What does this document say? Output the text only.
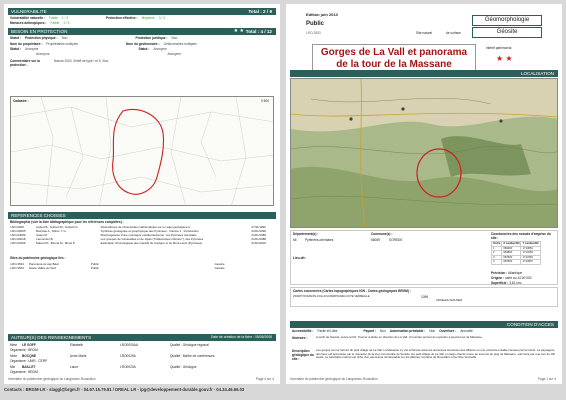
VULNERABILITE	Total : 2 / 9
Vulnérabilité naturelle : Faible 1 / 3	Protection effective : Moyenne 0 / 3
Menaces anthropiques : Faible 1 / 3
BESOIN EN PROTECTION	★ ★ Total : 4 / 12
Statut : Protection physique : Non	Protection juridique : Non
Nom du propriétaire : Propriétaires multiples	Nom du gestionnaire : Gestionnaires multiples
Statut : Anonyme	Statut : Anonyme
Anonyme	Anonyme
Commentaire sur la protection :
Natura 2000, Znieff de type I et II, Zico.
Cadastre :	0 500
REFERENCES CHOISIES
Bibliographie (voir la liste bibliographique pour les références complètes) :
LRO-0006	Aubert B., Guitard M., Guitard G.	Dissertations de l'Assemblée mathématique sur un sujet géologique à	07/11/1996
LRO-00005	Barrolas A., Ollner J. G.	Synthèse géologique et géophysique des Pyrénées - Volume 1 : Introduction	01/01/1996
LRO-04056	Casei M.	Morphogénèse d'une montagne méditerranéenne : les Pyrénées orientales	01/01/1986
LRO-00018	Laumonier B.	Les groupes de Canaveilles et de Jujols ("Paléozoïque inférieur"), des Pyrénées	01/01/1988
LRO-00466	Masoril D., Brunel M., Morel P.	Estimation chronologique des massifs du Canigou et de Mont-Louis (Pyrénées)	01/01/2002
Sites du patrimoine géologique liés :
LRO-3534	Panorama du cap Béar	Public	Géosite
LRO-3503	Haute Vallée du Tech	Public	Géosite
AUTEUR(S) DES RENSEIGNEMENTS	Date de création de la fiche : 05/05/2008
Mme LE GOFF	Elisabeth	LRO0000AA	Qualité : Géologue régional
Organisme : BRGM
Mme BOCQNE	Anne-Marie	LRO0029A	Qualité : Maître de conférences
Organisme : UMR - CERP
Mle BAILLET	Laure	LRO0020A	Qualité : Géologue
Organisme : BRGM
Inventaire du patrimoine géologique du Languedoc-Roussillon	Page 4 sur 4
Edition juin 2013
Public
LRO-3553	Site naturel	de surface
Géomorphologie
Géosite
Gorges de La Vall et panorama de la tour de la Massane
intérêt patrimonial
★ ★
LOCALISATION
Département(s) :
66	Pyrénées-orientales
Commune(s) :
66069	SOREDE
Lieu-dit :
Coordonnées des noeuds d'emprise du site :
Ordre	X Lambert93	Y Lambert93
1	684000	1713861
2	684800	1713453
3	687600	1713453
4	687600	1714867
Précision : Atlantique
Origine : carte au 1/100 000
Superficie : 3,81 km²
Cartes concernées (Cartes topographiques IGN - Cartes géologiques BRGM) :
2549OT ROMAN/S-COLLIOU-PERPIGNAN-COTE VERMEILLE	1096
ARGELES-SUR-MER
CONDITION D'ACCES
Accessibilité : Facile et Libre	Payant : Non Autorisation préalable : Non Ouverture : Annuelle
Itinéraire :	A partir de Sorède, suivre la D2. Tourner à droite en direction de La Vall. Un sentier permet de rejoindre à pied la tour de Massane.
Description géologique du site :
Les gorges sont à l'amont du petit village de La Vall. La Massane s'y est enfoncée dans les anciennes structures des Albères en une profonde entaille creusée par la rivière. La paysagère des lieux est accentuée par le mamelon de la tour communale de Sorède. Du petit village de La Vall, un large chemin mène au sommet du puig de Massane, surmonté par une tour du XIII siècle. Le belvédère naturel est riche d'un panorama remarquable sur les Albères, la plaine du Roussillon et la Côte Vermeille.
Inventaire du patrimoine géologique du Languedoc-Roussillon	Page 1 sur 4
Contacts : BRGM-LR - slaggl@brgm.fr - 04.67.15.79.81 / DREAL LR - ipg@developpement-durable.gouv.fr - 04.34.46.66.03
